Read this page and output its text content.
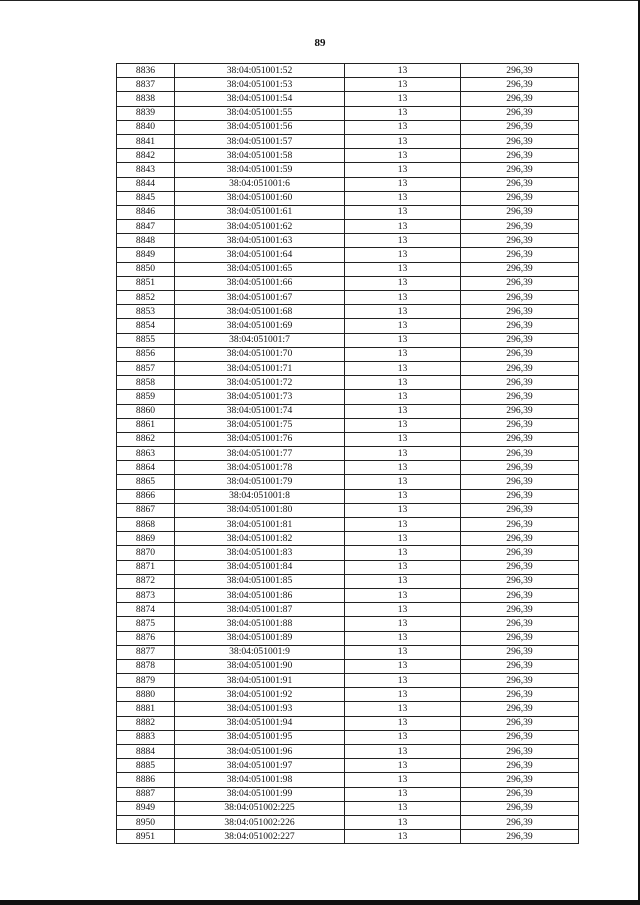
89
8836	38:04:051001:52	13	296,39
8837	38:04:051001:53	13	296,39
8838	38:04:051001:54	13	296,39
8839	38:04:051001:55	13	296,39
8840	38:04:051001:56	13	296,39
8841	38:04:051001:57	13	296,39
8842	38:04:051001:58	13	296,39
8843	38:04:051001:59	13	296,39
8844	38:04:051001:6	13	296,39
8845	38:04:051001:60	13	296,39
8846	38:04:051001:61	13	296,39
8847	38:04:051001:62	13	296,39
8848	38:04:051001:63	13	296,39
8849	38:04:051001:64	13	296,39
8850	38:04:051001:65	13	296,39
8851	38:04:051001:66	13	296,39
8852	38:04:051001:67	13	296,39
8853	38:04:051001:68	13	296,39
8854	38:04:051001:69	13	296,39
8855	38:04:051001:7	13	296,39
8856	38:04:051001:70	13	296,39
8857	38:04:051001:71	13	296,39
8858	38:04:051001:72	13	296,39
8859	38:04:051001:73	13	296,39
8860	38:04:051001:74	13	296,39
8861	38:04:051001:75	13	296,39
8862	38:04:051001:76	13	296,39
8863	38:04:051001:77	13	296,39
8864	38:04:051001:78	13	296,39
8865	38:04:051001:79	13	296,39
8866	38:04:051001:8	13	296,39
8867	38:04:051001:80	13	296,39
8868	38:04:051001:81	13	296,39
8869	38:04:051001:82	13	296,39
8870	38:04:051001:83	13	296,39
8871	38:04:051001:84	13	296,39
8872	38:04:051001:85	13	296,39
8873	38:04:051001:86	13	296,39
8874	38:04:051001:87	13	296,39
8875	38:04:051001:88	13	296,39
8876	38:04:051001:89	13	296,39
8877	38:04:051001:9	13	296,39
8878	38:04:051001:90	13	296,39
8879	38:04:051001:91	13	296,39
8880	38:04:051001:92	13	296,39
8881	38:04:051001:93	13	296,39
8882	38:04:051001:94	13	296,39
8883	38:04:051001:95	13	296,39
8884	38:04:051001:96	13	296,39
8885	38:04:051001:97	13	296,39
8886	38:04:051001:98	13	296,39
8887	38:04:051001:99	13	296,39
8949	38:04:051002:225	13	296,39
8950	38:04:051002:226	13	296,39
8951	38:04:051002:227	13	296,39
